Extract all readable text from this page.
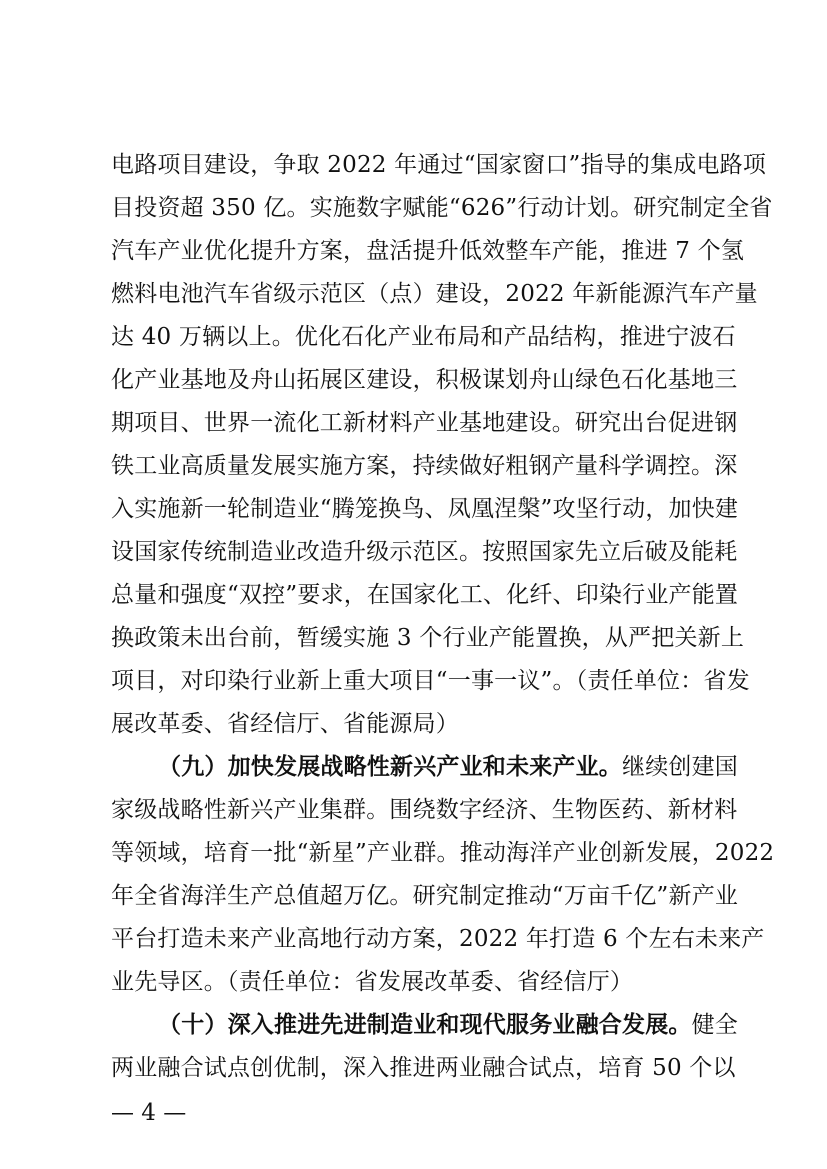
电路项目建设，争取 2022 年通过“国家窗口”指导的集成电路项
目投资超 350 亿。实施数字赋能“626”行动计划。研究制定全省
汽车产业优化提升方案，盘活提升低效整车产能，推进 7 个氢
燃料电池汽车省级示范区（点）建设，2022 年新能源汽车产量
达 40 万辆以上。优化石化产业布局和产品结构，推进宁波石
化产业基地及舟山拓展区建设，积极谋划舟山绿色石化基地三
期项目、世界一流化工新材料产业基地建设。研究出台促进钢
铁工业高质量发展实施方案，持续做好粗钢产量科学调控。深
入实施新一轮制造业“腾笼换鸟、凤凰涅槃”攻坚行动，加快建
设国家传统制造业改造升级示范区。按照国家先立后破及能耗
总量和强度“双控”要求，在国家化工、化纤、印染行业产能置
换政策未出台前，暂缓实施 3 个行业产能置换，从严把关新上
项目，对印染行业新上重大项目“一事一议”。（责任单位：省发
展改革委、省经信厅、省能源局）
（九）加快发展战略性新兴产业和未来产业。继续创建国
家级战略性新兴产业集群。围绕数字经济、生物医药、新材料
等领域，培育一批“新星”产业群。推动海洋产业创新发展，2022
年全省海洋生产总值超万亿。研究制定推动“万亩千亿”新产业
平台打造未来产业高地行动方案，2022 年打造 6 个左右未来产
业先导区。（责任单位：省发展改革委、省经信厅）
（十）深入推进先进制造业和现代服务业融合发展。健全
两业融合试点创优制，深入推进两业融合试点，培育 50 个以
— 4 —
